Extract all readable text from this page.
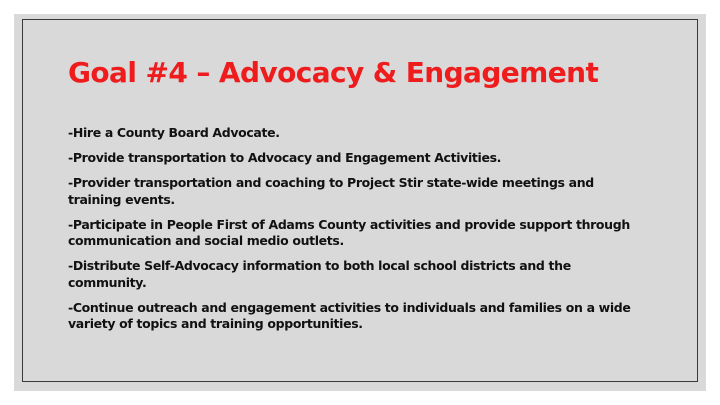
Goal #4 – Advocacy & Engagement
-Hire a County Board Advocate.
-Provide transportation to Advocacy and Engagement Activities.
-Provider transportation and coaching to Project Stir state-wide meetings and training events.
-Participate in People First of Adams County activities and provide support through communication and social medio outlets.
-Distribute Self-Advocacy information to both local school districts and the community.
-Continue outreach and engagement activities to individuals and families on a wide variety of topics and training opportunities.
